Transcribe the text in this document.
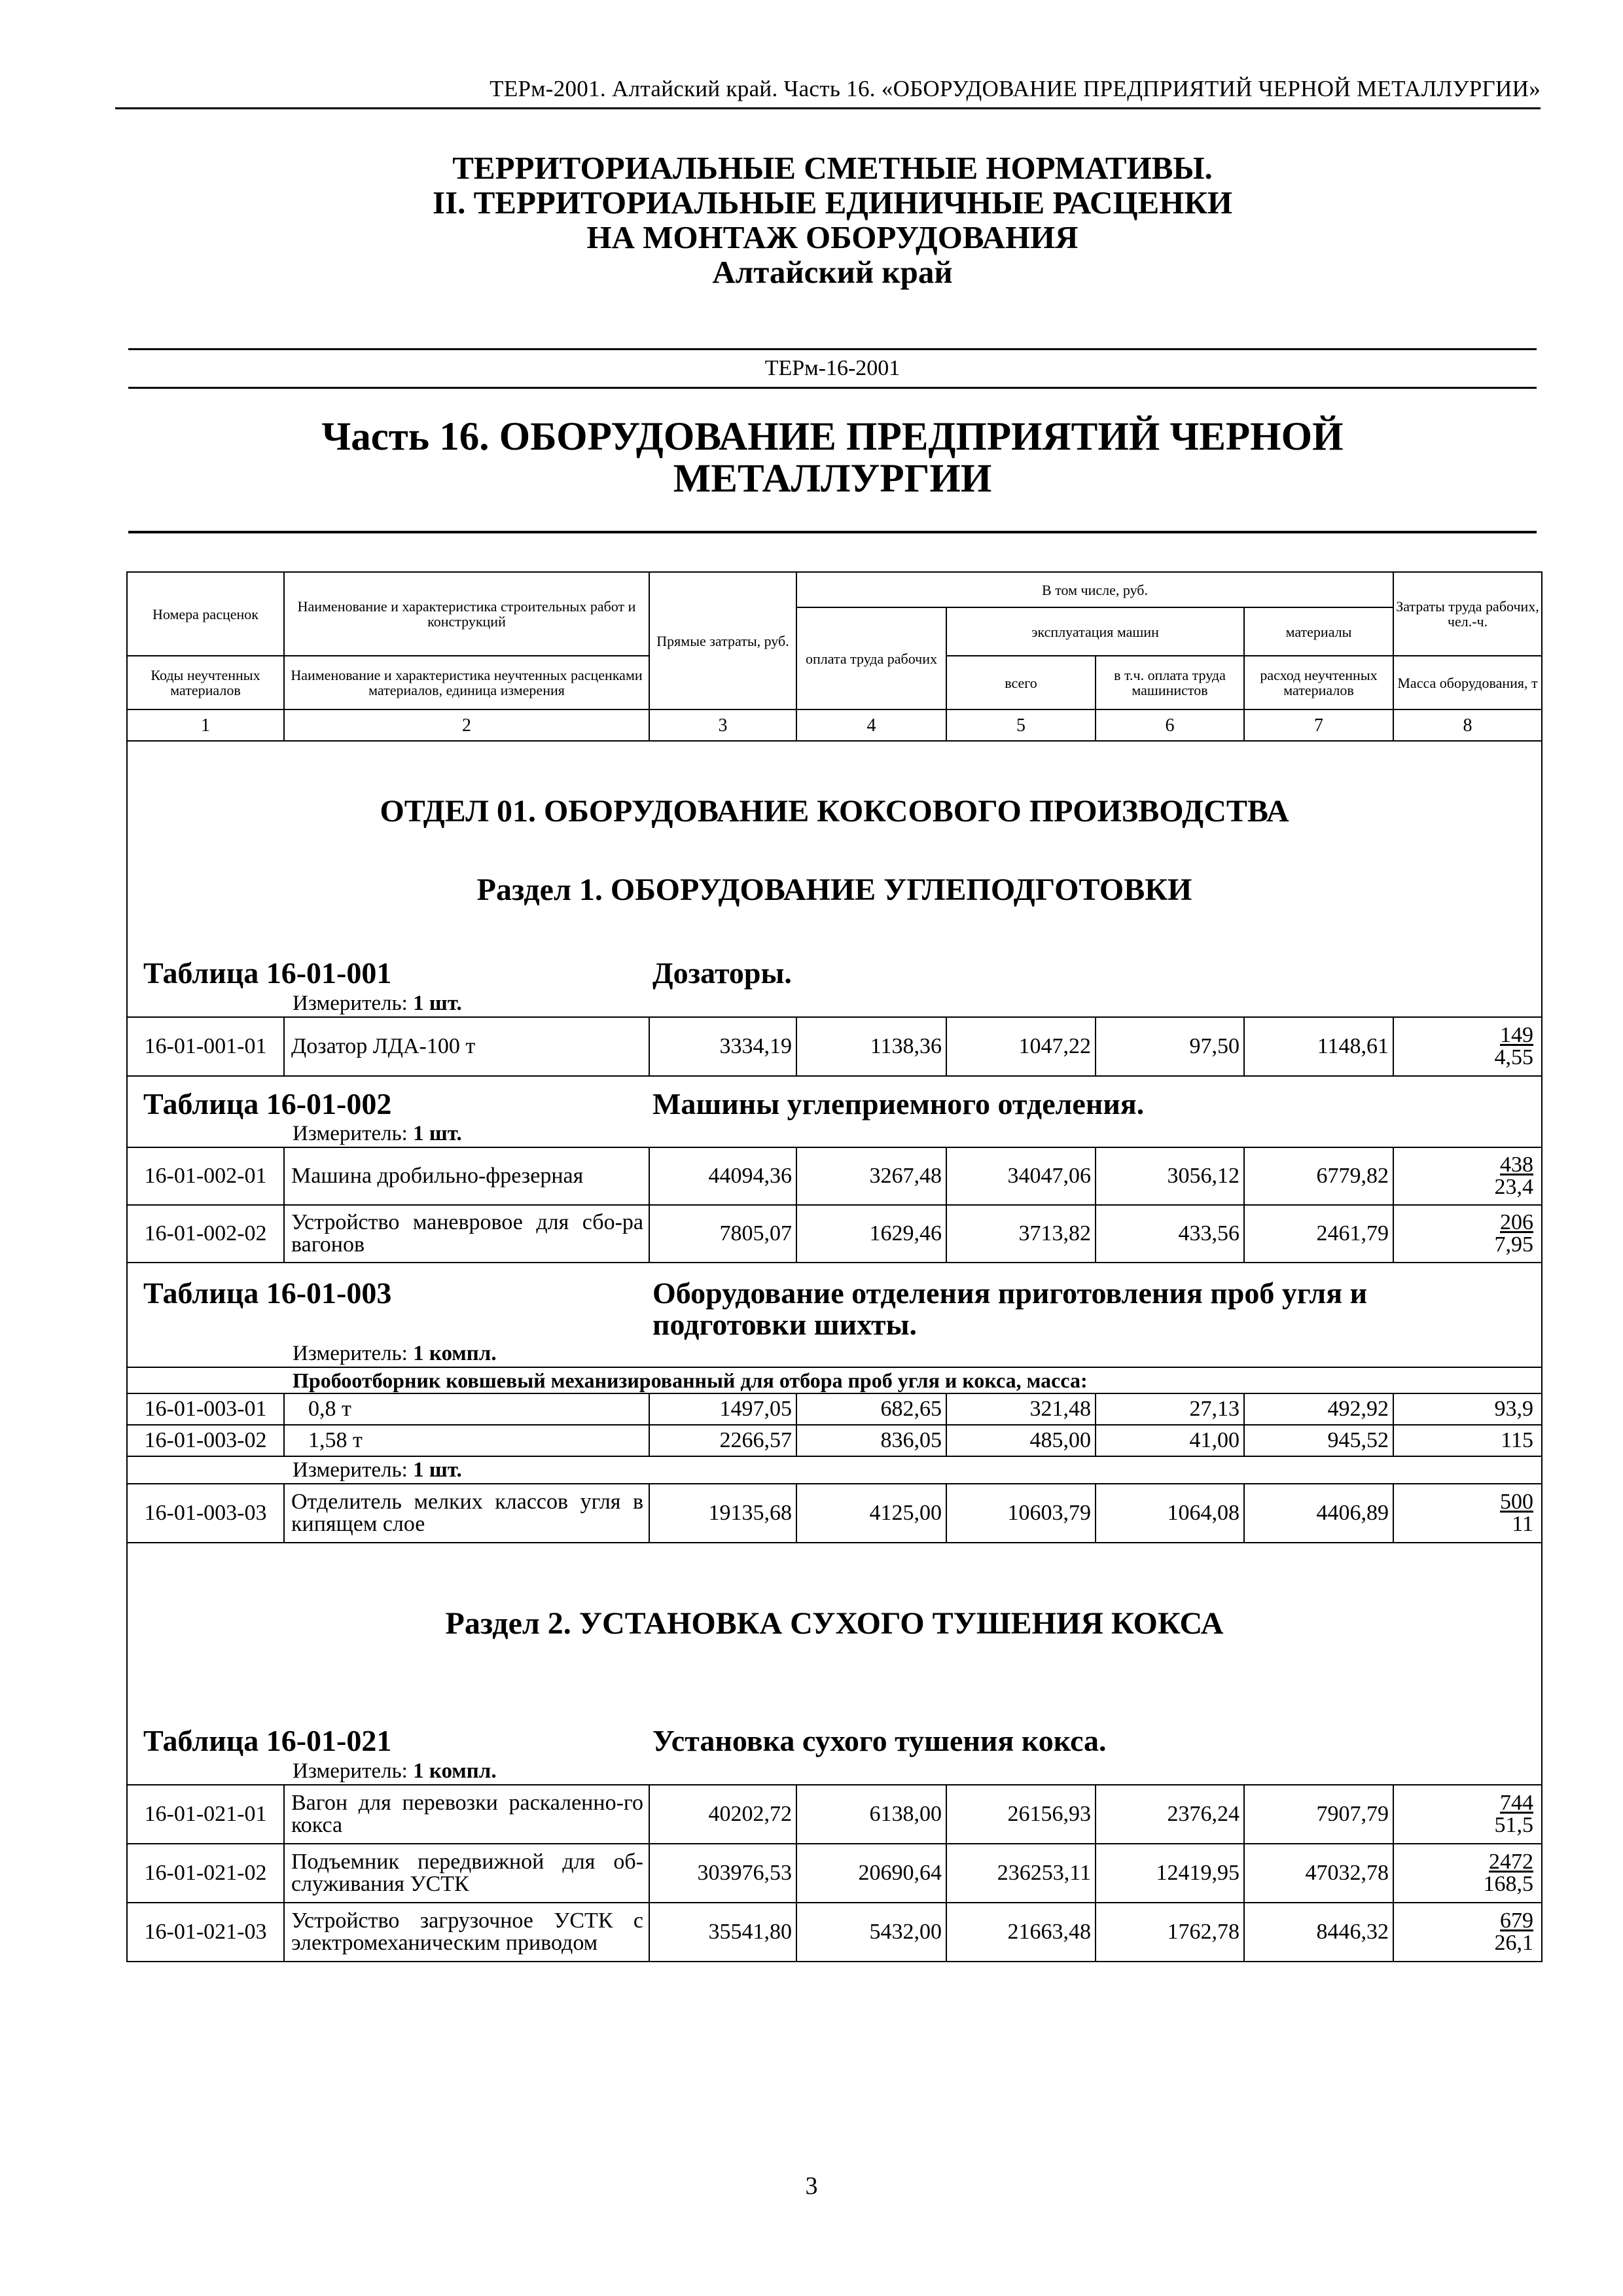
ТЕРм-2001. Алтайский край. Часть 16. «ОБОРУДОВАНИЕ ПРЕДПРИЯТИЙ ЧЕРНОЙ МЕТАЛЛУРГИИ»
ТЕРРИТОРИАЛЬНЫЕ СМЕТНЫЕ НОРМАТИВЫ.
II. ТЕРРИТОРИАЛЬНЫЕ ЕДИНИЧНЫЕ РАСЦЕНКИ
НА МОНТАЖ ОБОРУДОВАНИЯ
Алтайский край
ТЕРм-16-2001
Часть 16. ОБОРУДОВАНИЕ ПРЕДПРИЯТИЙ ЧЕРНОЙ
МЕТАЛЛУРГИИ
Номера расценок	Наименование и характеристика строительных работ и конструкций	Прямые затраты, руб.	В том числе, руб.				Затраты труда рабочих, чел.-ч.
			оплата труда рабочих	эксплуатация машин		материалы	
Коды неучтенных материалов	Наименование и характеристика неучтенных расценками материалов, единица измерения			всего	в т.ч. оплата труда машинистов	расход неучтенных материалов	Масса оборудования, т
1	2	3	4	5	6	7	8
ОТДЕЛ 01. ОБОРУДОВАНИЕ КОКСОВОГО ПРОИЗВОДСТВА							
Раздел 1. ОБОРУДОВАНИЕ УГЛЕПОДГОТОВКИ							

Таблица 16-01-001 Дозаторы.							

Измеритель: 1 шт.							
16-01-001-01	Дозатор ЛДА-100 т	3334,19	1138,36	1047,22	97,50	1148,61	149
4,55

Таблица 16-01-002 Машины углеприемного отделения.							

Измеритель: 1 шт.							
16-01-002-01	Машина дробильно-фрезерная	44094,36	3267,48	34047,06	3056,12	6779,82	438
23,4

16-01-002-02	Устройство маневровое для сбо-ра вагонов	7805,07	1629,46	3713,82	433,56	2461,79	206
7,95

Таблица 16-01-003 Оборудование отделения приготовления проб угля и
подготовки шихты.							

Измеритель: 1 компл.							
Пробоотборник ковшевый механизированный для отбора проб угля и кокса, масса:							
16-01-003-01	0,8 т	1497,05	682,65	321,48	27,13	492,92	93,9
16-01-003-02	1,58 т	2266,57	836,05	485,00	41,00	945,52	115
Измеритель: 1 шт.							
16-01-003-03	Отделитель мелких классов угля в кипящем слое	19135,68	4125,00	10603,79	1064,08	4406,89	500
11

Раздел 2. УСТАНОВКА СУХОГО ТУШЕНИЯ КОКСА							

Таблица 16-01-021 Установка сухого тушения кокса.							

Измеритель: 1 компл.							
16-01-021-01	Вагон для перевозки раскаленно-го кокса	40202,72	6138,00	26156,93	2376,24	7907,79	744
51,5

16-01-021-02	Подъемник передвижной для об-служивания УСТК	303976,53	20690,64	236253,11	12419,95	47032,78	2472
168,5

16-01-021-03	Устройство загрузочное УСТК с электромеханическим приводом	35541,80	5432,00	21663,48	1762,78	8446,32	679
26,1
3
